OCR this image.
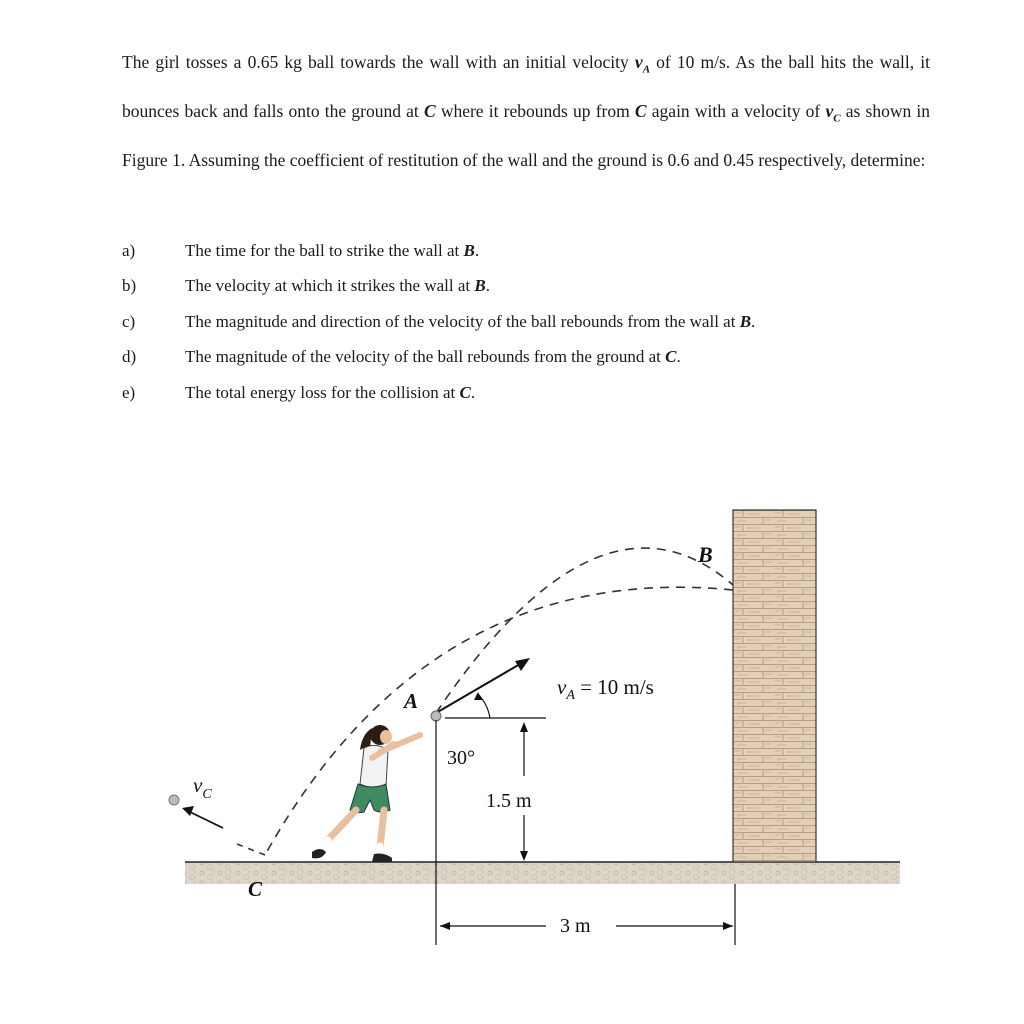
The girl tosses a 0.65 kg ball towards the wall with an initial velocity $v_A$ of 10 m/s. As the ball hits the wall, it bounces back and falls onto the ground at C where it rebounds up from C again with a velocity of $v_C$ as shown in Figure 1. Assuming the coefficient of restitution of the wall and the ground is 0.6 and 0.45 respectively, determine:

a)	The time for the ball to strike the wall at B.
b)	The velocity at which it strikes the wall at B.
c)	The magnitude and direction of the velocity of the ball rebounds from the wall at B.
d)	The magnitude of the velocity of the ball rebounds from the ground at C.
e)	The total energy loss for the collision at C.
B
$v_A = 10$ m/s
A
30°
1.5 m
3 m
C
$v_C$
